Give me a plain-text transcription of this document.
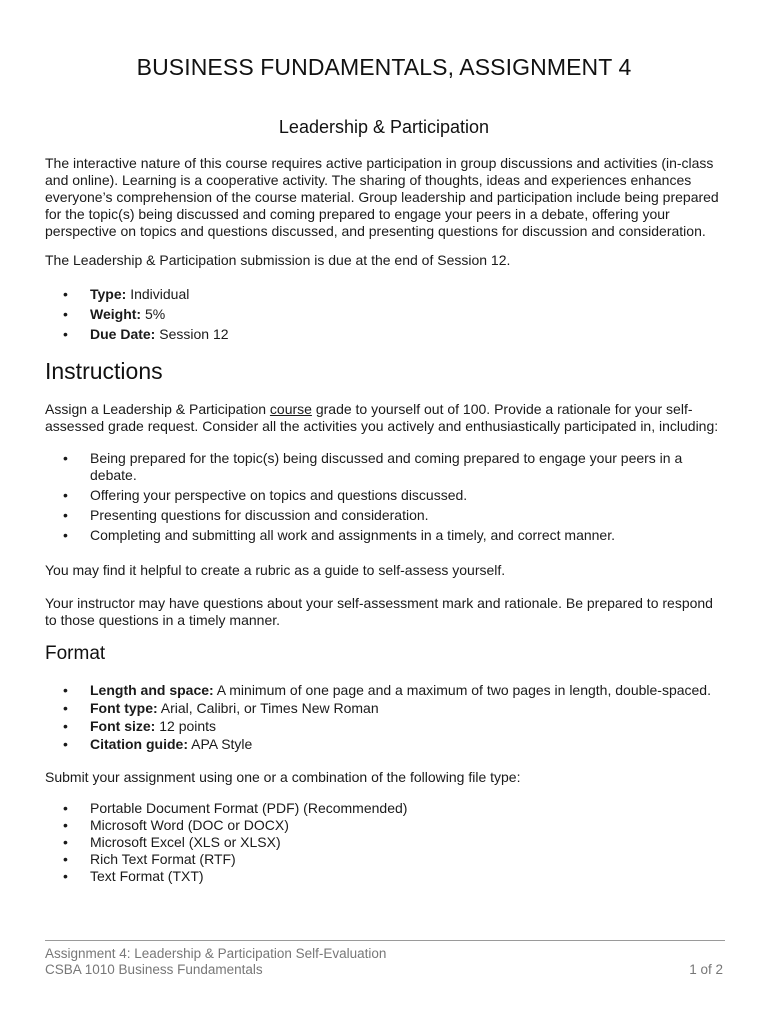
BUSINESS FUNDAMENTALS, ASSIGNMENT 4
Leadership & Participation

The interactive nature of this course requires active participation in group discussions and activities (in-class and online). Learning is a cooperative activity. The sharing of thoughts, ideas and experiences enhances everyone’s comprehension of the course material. Group leadership and participation include being prepared for the topic(s) being discussed and coming prepared to engage your peers in a debate, offering your perspective on topics and questions discussed, and presenting questions for discussion and consideration.

The Leadership & Participation submission is due at the end of Session 12.

• Type: Individual
• Weight: 5%
• Due Date: Session 12
Instructions

Assign a Leadership & Participation course grade to yourself out of 100. Provide a rationale for your self-assessed grade request. Consider all the activities you actively and enthusiastically participated in, including:

• Being prepared for the topic(s) being discussed and coming prepared to engage your peers in a debate.
• Offering your perspective on topics and questions discussed.
• Presenting questions for discussion and consideration.
• Completing and submitting all work and assignments in a timely, and correct manner.

You may find it helpful to create a rubric as a guide to self-assess yourself.

Your instructor may have questions about your self-assessment mark and rationale. Be prepared to respond to those questions in a timely manner.

Format
• Length and space: A minimum of one page and a maximum of two pages in length, double-spaced.
• Font type: Arial, Calibri, or Times New Roman
• Font size: 12 points
• Citation guide: APA Style

Submit your assignment using one or a combination of the following file type:

• Portable Document Format (PDF) (Recommended)
• Microsoft Word (DOC or DOCX)
• Microsoft Excel (XLS or XLSX)
• Rich Text Format (RTF)
• Text Format (TXT)
Assignment 4: Leadership & Participation Self-Evaluation
CSBA 1010 Business Fundamentals	1 of 2
